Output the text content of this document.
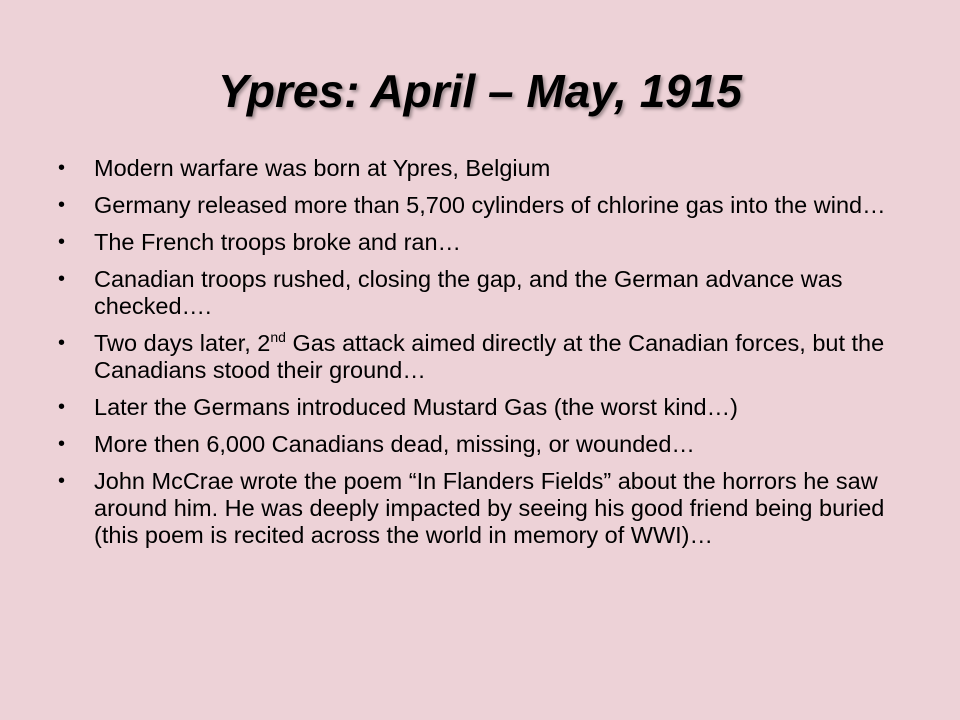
Ypres: April – May, 1915
•	Modern warfare was born at Ypres, Belgium
•	Germany released more than 5,700 cylinders of chlorine gas into the wind…
•	The French troops broke and ran…
•	Canadian troops rushed, closing the gap, and the German advance was checked….
•	Two days later, 2nd Gas attack aimed directly at the Canadian forces, but the Canadians stood their ground…
•	Later the Germans introduced Mustard Gas (the worst kind…)
•	More then 6,000 Canadians dead, missing, or wounded…
•	John McCrae wrote the poem “In Flanders Fields” about the horrors he saw around him. He was deeply impacted by seeing his good friend being buried (this poem is recited across the world in memory of WWI)…
